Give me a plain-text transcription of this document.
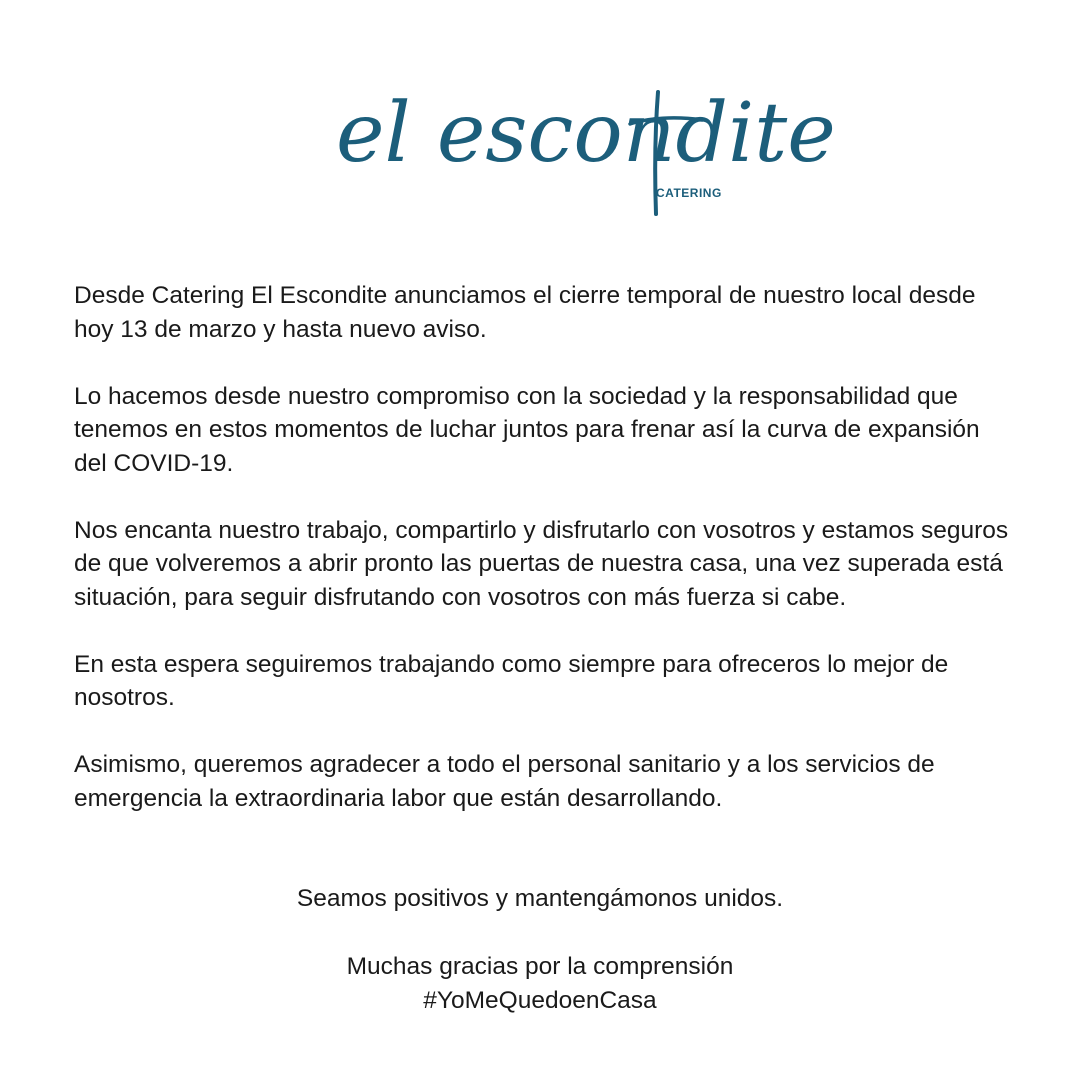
el escondite
CATERING

Desde Catering El Escondite anunciamos el cierre temporal de nuestro local desde hoy 13 de marzo y hasta nuevo aviso.

Lo hacemos desde nuestro compromiso con la sociedad y la responsabilidad que tenemos en estos momentos de luchar juntos para frenar así la curva de expansión del COVID-19.

Nos encanta nuestro trabajo, compartirlo y disfrutarlo con vosotros y estamos seguros de que volveremos a abrir pronto las puertas de nuestra casa, una vez superada está situación, para seguir disfrutando con vosotros con más fuerza si cabe.

En esta espera seguiremos trabajando como siempre para ofreceros lo mejor de nosotros.

Asimismo, queremos agradecer a todo el personal sanitario y a los servicios de emergencia la extraordinaria labor que están desarrollando.

Seamos positivos y mantengámonos unidos.
Muchas gracias por la comprensión
#YoMeQuedoenCasa
